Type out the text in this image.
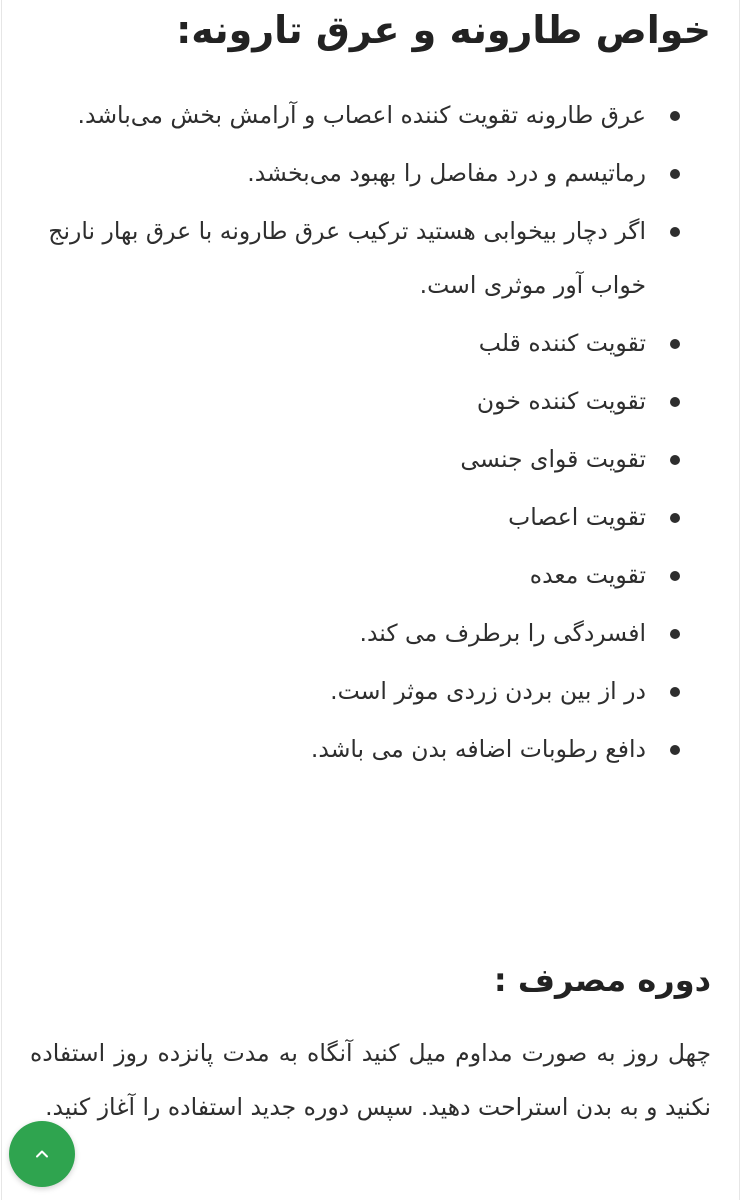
خواص طارونه و عرق تارونه:
عرق طارونه تقویت کننده اعصاب و آرامش بخش می‌باشد.
رماتیسم و درد مفاصل را بهبود می‌بخشد.
اگر دچار بیخوابی هستید ترکیب عرق طارونه با عرق بهار نارنج خواب آور موثری است.
تقویت کننده قلب
تقویت کننده خون
تقویت قوای جنسی
تقویت اعصاب
تقویت معده
افسردگی را برطرف می کند.
در از بین بردن زردی موثر است.
دافع رطوبات اضافه بدن می باشد.
دوره مصرف :

چهل روز به صورت مداوم میل کنید آنگاه به مدت پانزده روز استفاده نکنید و به بدن استراحت دهید. سپس دوره جدید استفاده را آغاز کنید.
